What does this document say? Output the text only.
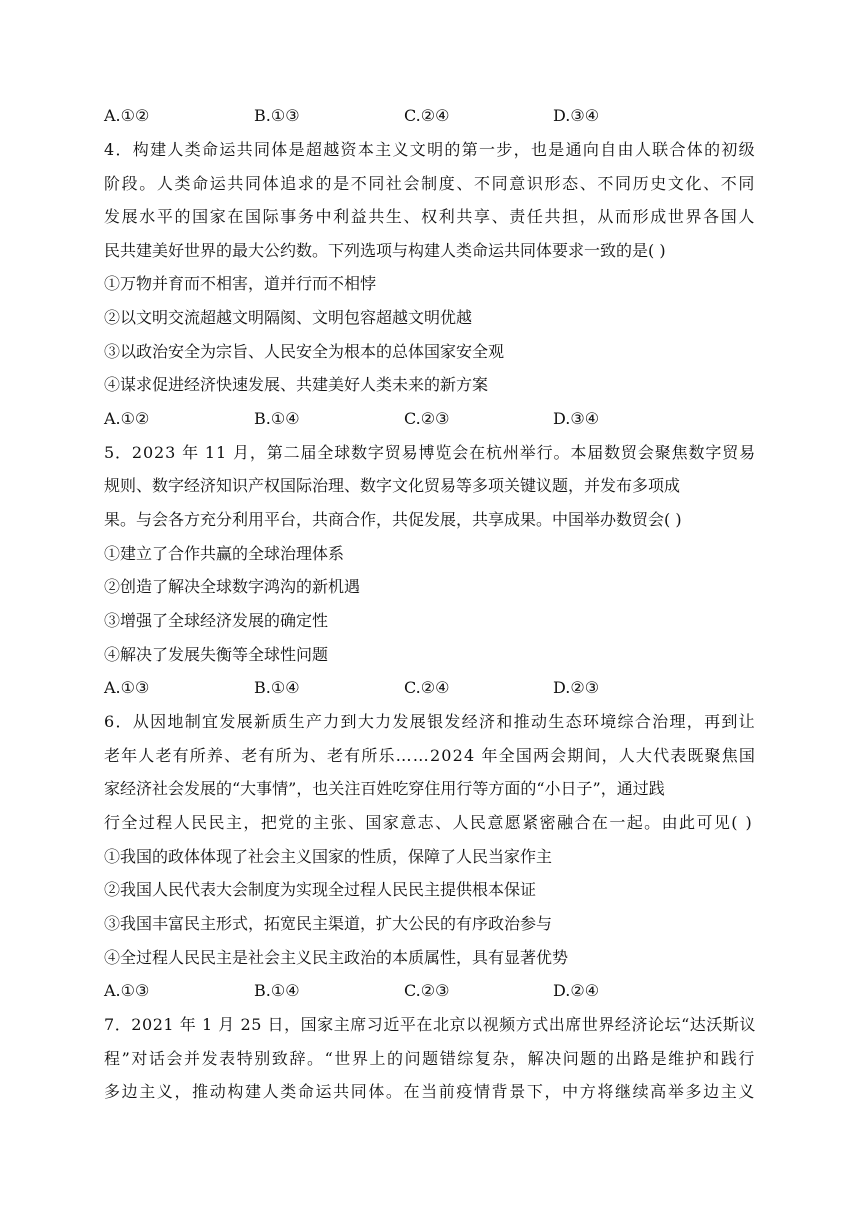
A.①②	B.①③	C.②④	D.③④
4．构建人类命运共同体是超越资本主义文明的第一步，也是通向自由人联合体的初级
阶段。人类命运共同体追求的是不同社会制度、不同意识形态、不同历史文化、不同
发展水平的国家在国际事务中利益共生、权利共享、责任共担，从而形成世界各国人
民共建美好世界的最大公约数。下列选项与构建人类命运共同体要求一致的是( )
①万物并育而不相害，道并行而不相悖
②以文明交流超越文明隔阂、文明包容超越文明优越
③以政治安全为宗旨、人民安全为根本的总体国家安全观
④谋求促进经济快速发展、共建美好人类未来的新方案
A.①②	B.①④	C.②③	D.③④
5．2023 年 11 月，第二届全球数字贸易博览会在杭州举行。本届数贸会聚焦数字贸易
规则、数字经济知识产权国际治理、数字文化贸易等多项关键议题，并发布多项成
果。与会各方充分利用平台，共商合作，共促发展，共享成果。中国举办数贸会( )
①建立了合作共赢的全球治理体系
②创造了解决全球数字鸿沟的新机遇
③增强了全球经济发展的确定性
④解决了发展失衡等全球性问题
A.①③	B.①④	C.②④	D.②③
6．从因地制宜发展新质生产力到大力发展银发经济和推动生态环境综合治理，再到让
老年人老有所养、老有所为、老有所乐……2024 年全国两会期间，人大代表既聚焦国
家经济社会发展的“大事情”，也关注百姓吃穿住用行等方面的“小日子”，通过践
行全过程人民民主，把党的主张、国家意志、人民意愿紧密融合在一起。由此可见( )
①我国的政体体现了社会主义国家的性质，保障了人民当家作主
②我国人民代表大会制度为实现全过程人民民主提供根本保证
③我国丰富民主形式，拓宽民主渠道，扩大公民的有序政治参与
④全过程人民民主是社会主义民主政治的本质属性，具有显著优势
A.①③	B.①④	C.②③	D.②④
7．2021 年 1 月 25 日，国家主席习近平在北京以视频方式出席世界经济论坛“达沃斯议
程”对话会并发表特别致辞。“世界上的问题错综复杂，解决问题的出路是维护和践行
多边主义，推动构建人类命运共同体。在当前疫情背景下，中方将继续高举多边主义
